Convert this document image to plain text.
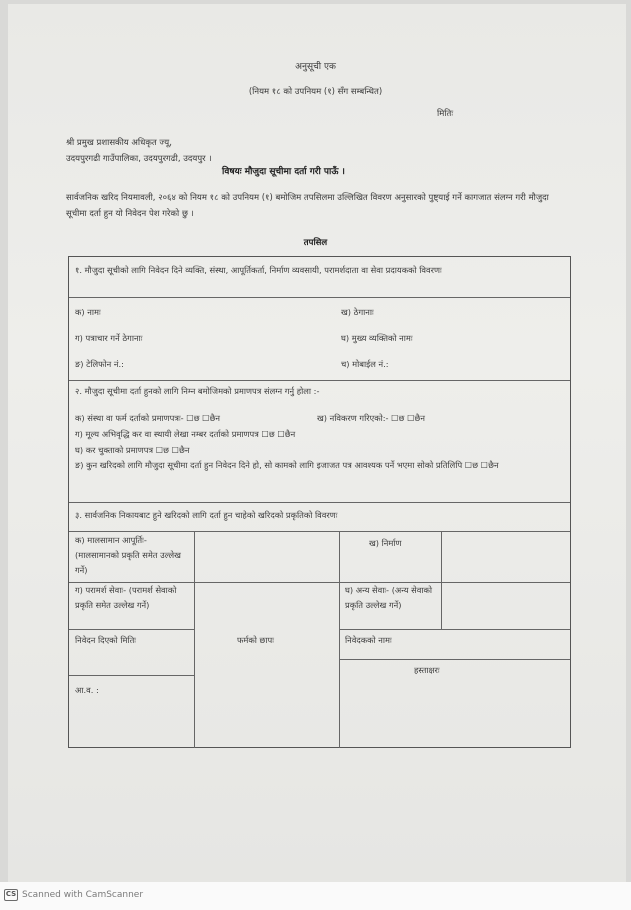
अनुसूची एक
(नियम १८ को उपनियम (१) सँग सम्बन्धित)
मितिः
श्री प्रमुख प्रशासकीय अधिकृत ज्यू,
उदयपुरगढी गाउँपालिका, उदयपुरगढी, उदयपुर ।
विषयः मौजुदा सूचीमा दर्ता गरी पाऊँ ।
सार्वजनिक खरिद नियमावली, २०६४ को नियम १८ को उपनियम (१) बमोजिम तपसिलमा उल्लिखित विवरण अनुसारको पुष्ट्याई गर्ने कागजात संलग्न गरी मौजुदा सूचीमा दर्ता हुन यो निवेदन पेश गरेको छु ।
तपसिल
१. मौजुदा सूचीको लागि निवेदन दिने व्यक्ति, संस्था, आपूर्तिकर्ता, निर्माण व्यवसायी, परामर्शदाता वा सेवा प्रदायकको विवरणः
क) नामः	ख) ठेगानाः
ग) पत्राचार गर्ने ठेगानाः	घ) मुख्य व्यक्तिको नामः
ङ) टेलिफोन नं.:	च) मोबाईल नं.:
२. मौजुदा सूचीमा दर्ता हुनको लागि निम्न बमोजिमको प्रमाणपत्र संलग्न गर्नु होला :-
क) संस्था वा फर्म दर्ताको प्रमाणपत्रः- ☐छ ☐छैन	ख) नविकरण गरिएको:- ☐छ ☐छैन
ग) मूल्य अभिवृद्धि कर वा स्थायी लेखा नम्बर दर्ताको प्रमाणपत्र ☐छ ☐छैन
घ) कर चुक्ताको प्रमाणपत्र ☐छ ☐छैन
ङ) कुन खरिदको लागि मौजुदा सूचीमा दर्ता हुन निवेदन दिने हो, सो कामको लागि इजाजत पत्र आवश्यक पर्ने भएमा सोको प्रतिलिपि ☐छ ☐छैन
३. सार्वजनिक निकायबाट हुने खरिदको लागि दर्ता हुन चाहेको खरिदको प्रकृतिको विवरणः
क) मालसामान आपूर्तिः- (मालसामानको प्रकृति समेत उल्लेख गर्ने)
ख) निर्माण
ग) परामर्श सेवाः- (परामर्श सेवाको प्रकृति समेत उल्लेख गर्ने)
घ) अन्य सेवाः- (अन्य सेवाको प्रकृति उल्लेख गर्ने)
निवेदन दिएको मितिः	फर्मको छापः	निवेदकको नामः
हस्ताक्षरः
आ.व. :
CS Scanned with CamScanner
